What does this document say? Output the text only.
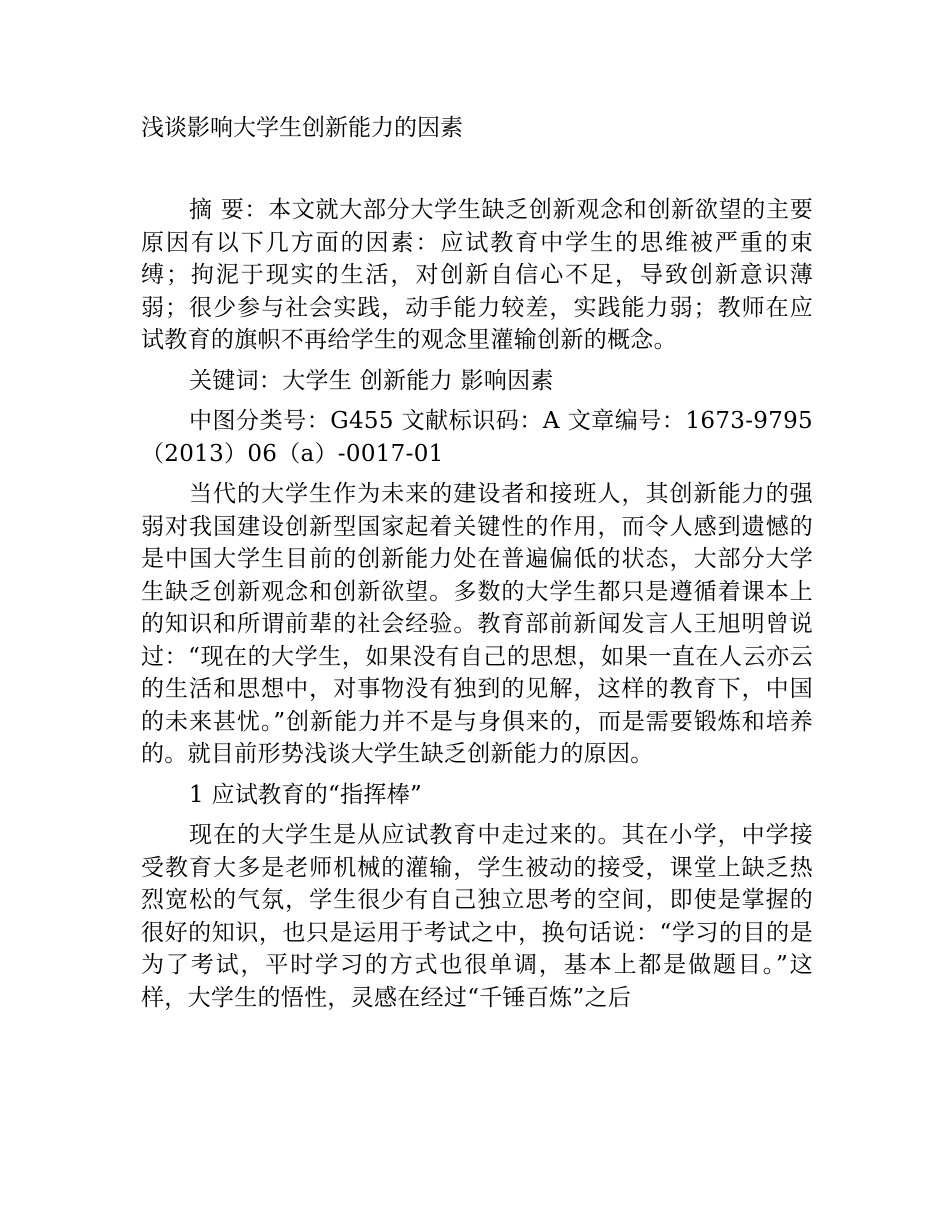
浅谈影响大学生创新能力的因素

摘 要：本文就大部分大学生缺乏创新观念和创新欲望的主要原因有以下几方面的因素：应试教育中学生的思维被严重的束缚；拘泥于现实的生活，对创新自信心不足，导致创新意识薄弱；很少参与社会实践，动手能力较差，实践能力弱；教师在应试教育的旗帜不再给学生的观念里灌输创新的概念。

关键词：大学生 创新能力 影响因素

中图分类号：G455 文献标识码：A 文章编号：1673-9795（2013）06（a）-0017-01

当代的大学生作为未来的建设者和接班人，其创新能力的强弱对我国建设创新型国家起着关键性的作用，而令人感到遗憾的是中国大学生目前的创新能力处在普遍偏低的状态，大部分大学生缺乏创新观念和创新欲望。多数的大学生都只是遵循着课本上的知识和所谓前辈的社会经验。教育部前新闻发言人王旭明曾说过：“现在的大学生，如果没有自己的思想，如果一直在人云亦云的生活和思想中，对事物没有独到的见解，这样的教育下，中国的未来甚忧。”创新能力并不是与身俱来的，而是需要锻炼和培养的。就目前形势浅谈大学生缺乏创新能力的原因。

1 应试教育的“指挥棒”

现在的大学生是从应试教育中走过来的。其在小学，中学接受教育大多是老师机械的灌输，学生被动的接受，课堂上缺乏热烈宽松的气氛，学生很少有自己独立思考的空间，即使是掌握的很好的知识，也只是运用于考试之中，换句话说：“学习的目的是为了考试，平时学习的方式也很单调，基本上都是做题目。”这样，大学生的悟性，灵感在经过“千锤百炼”之后
